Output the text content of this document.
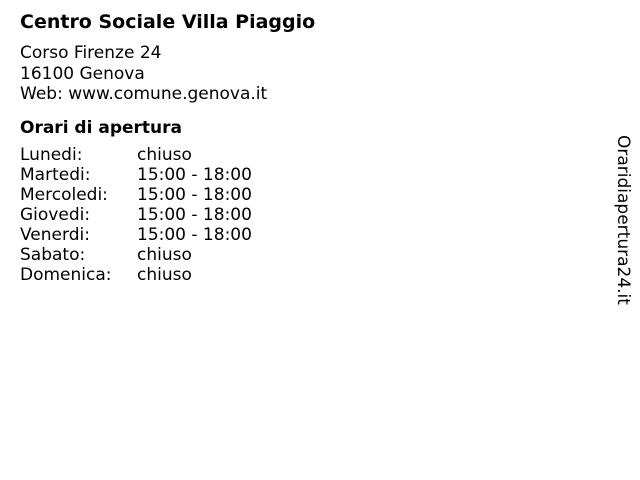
Centro Sociale Villa Piaggio
Corso Firenze 24
16100 Genova
Web: www.comune.genova.it
Orari di apertura
Lunedi:	chiuso
Martedi:	15:00 - 18:00
Mercoledi:	15:00 - 18:00
Giovedi:	15:00 - 18:00
Venerdi:	15:00 - 18:00
Sabato:	chiuso
Domenica:	chiuso	Oraridiapertura24.it
